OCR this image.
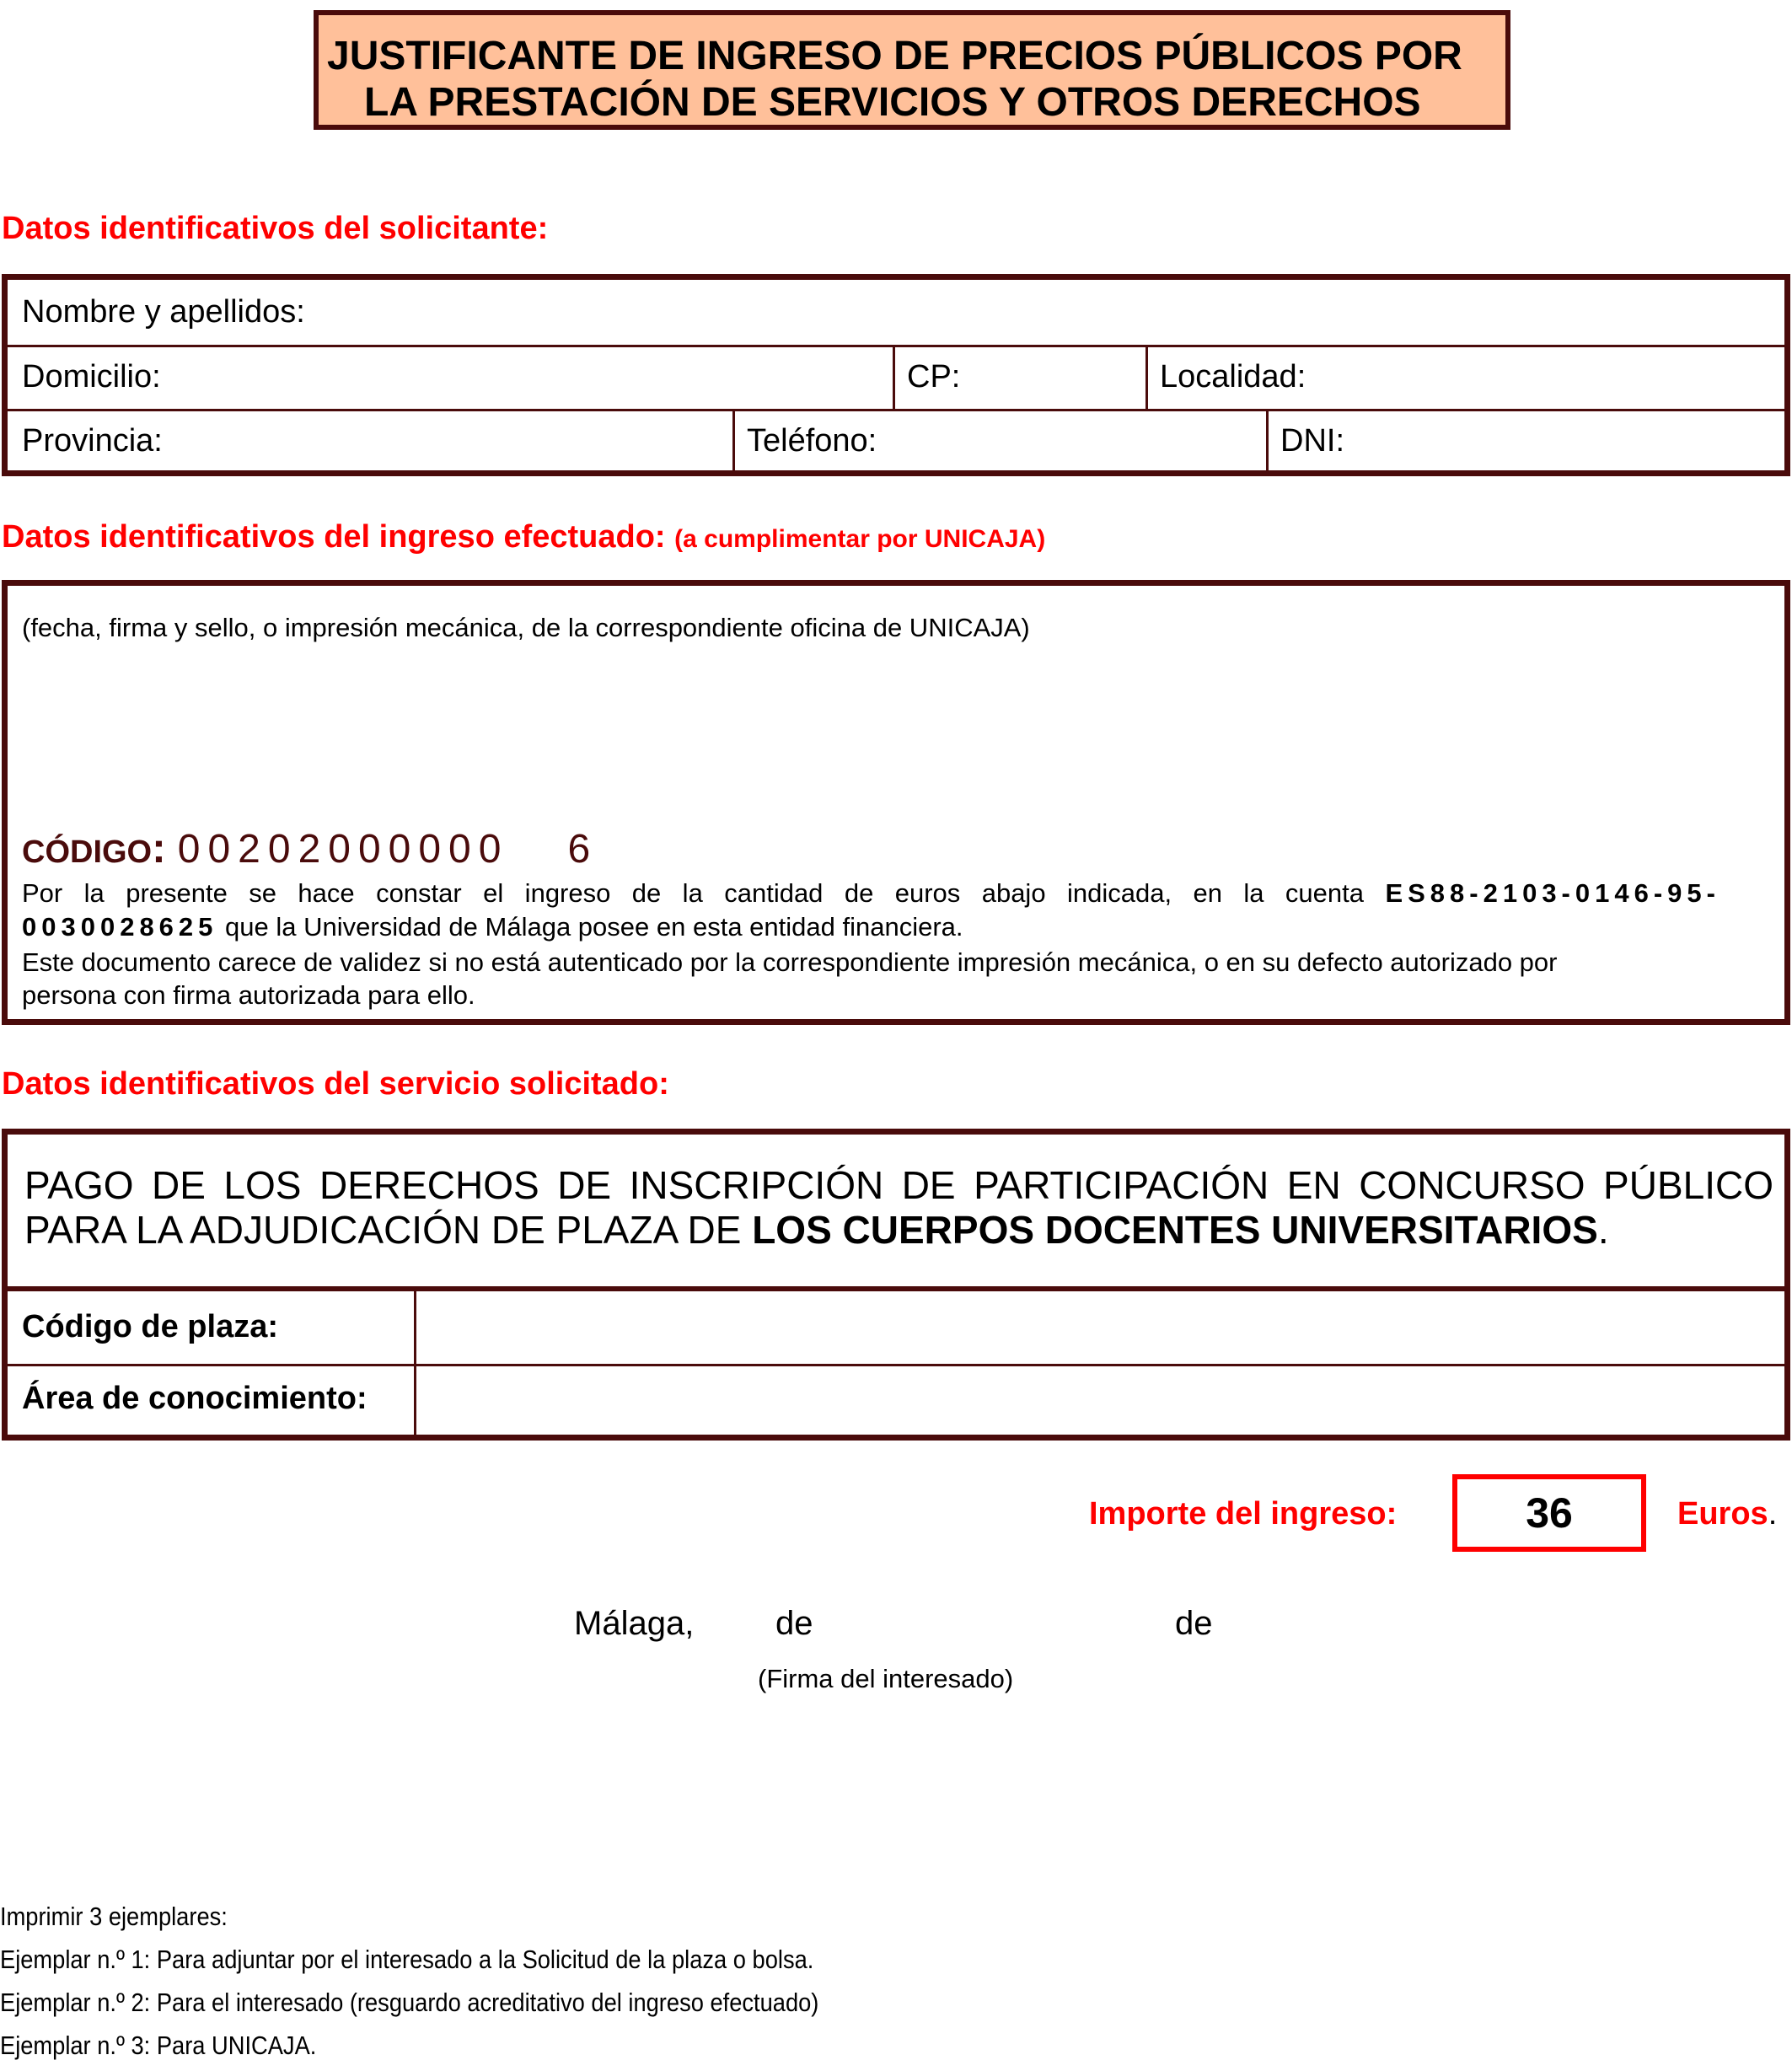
JUSTIFICANTE DE INGRESO DE PRECIOS PÚBLICOS POR
LA PRESTACIÓN DE SERVICIOS Y OTROS DERECHOS
Datos identificativos del solicitante:
Nombre y apellidos:
Domicilio:	CP:	Localidad:
Provincia:	Teléfono:	DNI:
Datos identificativos del ingreso efectuado: (a cumplimentar por UNICAJA)
(fecha, firma y sello, o impresión mecánica, de la correspondiente oficina de UNICAJA)
CÓDIGO: 00202000000 6
Por la presente se hace constar el ingreso de la cantidad de euros abajo indicada, en la cuenta ES88-2103-0146-95-
0030028625 que la Universidad de Málaga posee en esta entidad financiera.
Este documento carece de validez si no está autenticado por la correspondiente impresión mecánica, o en su defecto autorizado por
persona con firma autorizada para ello.
Datos identificativos del servicio solicitado:
PAGO DE LOS DERECHOS DE INSCRIPCIÓN DE PARTICIPACIÓN EN CONCURSO PÚBLICO
PARA LA ADJUDICACIÓN DE PLAZA DE LOS CUERPOS DOCENTES UNIVERSITARIOS.
Código de plaza:
Área de conocimiento:
Importe del ingreso:	36	Euros.
Málaga, de	de
(Firma del interesado)
Imprimir 3 ejemplares:
Ejemplar n.º 1: Para adjuntar por el interesado a la Solicitud de la plaza o bolsa.
Ejemplar n.º 2: Para el interesado (resguardo acreditativo del ingreso efectuado)
Ejemplar n.º 3: Para UNICAJA.
